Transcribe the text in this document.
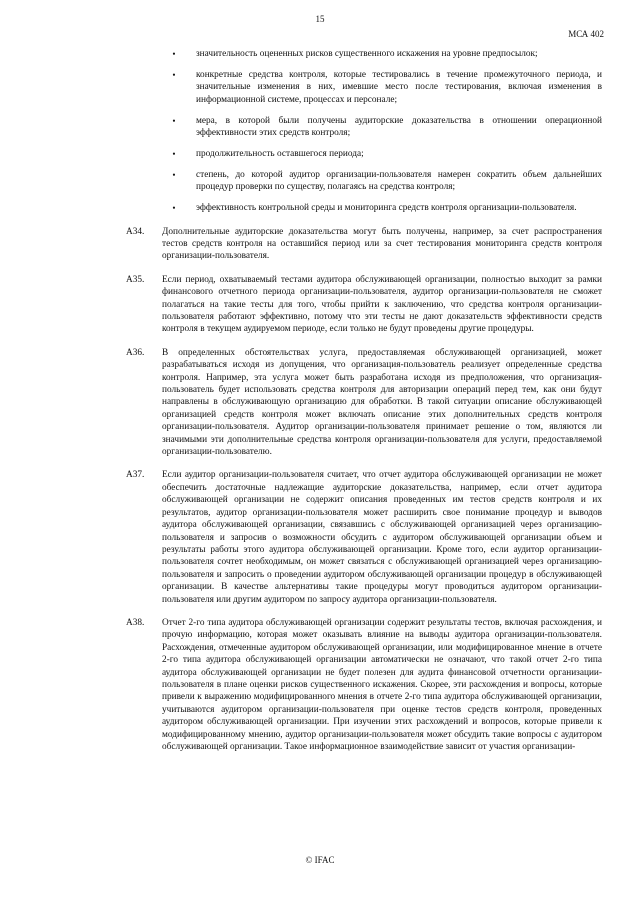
15
МСА 402
• значительность оцененных рисков существенного искажения на уровне предпосылок;

• конкретные средства контроля, которые тестировались в течение промежуточного периода, и значительные изменения в них, имевшие место после тестирования, включая изменения в информационной системе, процессах и персонале;

• мера, в которой были получены аудиторские доказательства в отношении операционной эффективности этих средств контроля;

• продолжительность оставшегося периода;

• степень, до которой аудитор организации-пользователя намерен сократить объем дальнейших процедур проверки по существу, полагаясь на средства контроля;

• эффективность контрольной среды и мониторинга средств контроля организации-пользователя.

A34.	Дополнительные аудиторские доказательства могут быть получены, например, за счет распространения тестов средств контроля на оставшийся период или за счет тестирования мониторинга средств контроля организации-пользователя.

A35.	Если период, охватываемый тестами аудитора обслуживающей организации, полностью выходит за рамки финансового отчетного периода организации-пользователя, аудитор организации-пользователя не сможет полагаться на такие тесты для того, чтобы прийти к заключению, что средства контроля организации-пользователя работают эффективно, потому что эти тесты не дают доказательств эффективности средств контроля в текущем аудируемом периоде, если только не будут проведены другие процедуры.

A36.	В определенных обстоятельствах услуга, предоставляемая обслуживающей организацией, может разрабатываться исходя из допущения, что организация-пользователь реализует определенные средства контроля. Например, эта услуга может быть разработана исходя из предположения, что организация-пользователь будет использовать средства контроля для авторизации операций перед тем, как они будут направлены в обслуживающую организацию для обработки. В такой ситуации описание обслуживающей организацией средств контроля может включать описание этих дополнительных средств контроля организации-пользователя. Аудитор организации-пользователя принимает решение о том, являются ли значимыми эти дополнительные средства контроля организации-пользователя для услуги, предоставляемой организации-пользователю.

A37.	Если аудитор организации-пользователя считает, что отчет аудитора обслуживающей организации не может обеспечить достаточные надлежащие аудиторские доказательства, например, если отчет аудитора обслуживающей организации не содержит описания проведенных им тестов средств контроля и их результатов, аудитор организации-пользователя может расширить свое понимание процедур и выводов аудитора обслуживающей организации, связавшись с обслуживающей организацией через организацию-пользователя и запросив о возможности обсудить с аудитором обслуживающей организации объем и результаты работы этого аудитора обслуживающей организации. Кроме того, если аудитор организации-пользователя сочтет необходимым, он может связаться с обслуживающей организацией через организацию-пользователя и запросить о проведении аудитором обслуживающей организации процедур в обслуживающей организации. В качестве альтернативы такие процедуры могут проводиться аудитором организации-пользователя или другим аудитором по запросу аудитора организации-пользователя.

A38.	Отчет 2-го типа аудитора обслуживающей организации содержит результаты тестов, включая расхождения, и прочую информацию, которая может оказывать влияние на выводы аудитора организации-пользователя. Расхождения, отмеченные аудитором обслуживающей организации, или модифицированное мнение в отчете 2-го типа аудитора обслуживающей организации автоматически не означают, что такой отчет 2-го типа аудитора обслуживающей организации не будет полезен для аудита финансовой отчетности организации-пользователя в плане оценки рисков существенного искажения. Скорее, эти расхождения и вопросы, которые привели к выражению модифицированного мнения в отчете 2-го типа аудитора обслуживающей организации, учитываются аудитором организации-пользователя при оценке тестов средств контроля, проведенных аудитором обслуживающей организации. При изучении этих расхождений и вопросов, которые привели к модифицированному мнению, аудитор организации-пользователя может обсудить такие вопросы с аудитором обслуживающей организации. Такое информационное взаимодействие зависит от участия организации-

© IFAC
